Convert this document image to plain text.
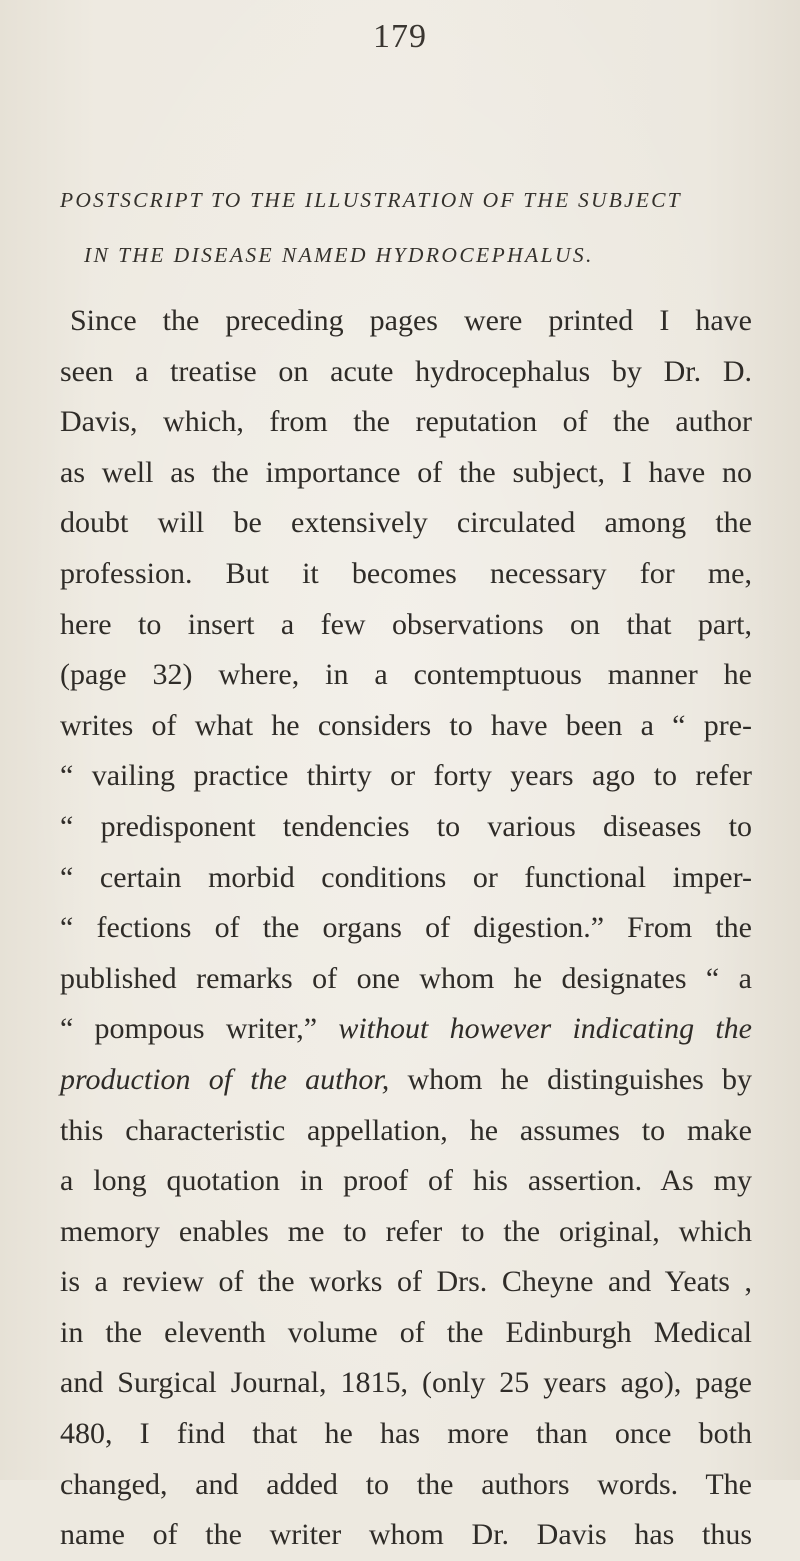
179
POSTSCRIPT TO THE ILLUSTRATION OF THE SUBJECT
IN THE DISEASE NAMED HYDROCEPHALUS.
Since the preceding pages were printed I have
seen a treatise on acute hydrocephalus by Dr. D.
Davis, which, from the reputation of the author
as well as the importance of the subject, I have no
doubt will be extensively circulated among the
profession. But it becomes necessary for me,
here to insert a few observations on that part,
(page 32) where, in a contemptuous manner he
writes of what he considers to have been a “ pre-
“ vailing practice thirty or forty years ago to refer
“ predisponent tendencies to various diseases to
“ certain morbid conditions or functional imper-
“ fections of the organs of digestion.” From the
published remarks of one whom he designates “ a
“ pompous writer,” without however indicating the
production of the author, whom he distinguishes by
this characteristic appellation, he assumes to make
a long quotation in proof of his assertion. As my
memory enables me to refer to the original, which
is a review of the works of Drs. Cheyne and Yeats ,
in the eleventh volume of the Edinburgh Medical
and Surgical Journal, 1815, (only 25 years ago), page
480, I find that he has more than once both
changed, and added to the authors words. The
name of the writer whom Dr. Davis has thus
